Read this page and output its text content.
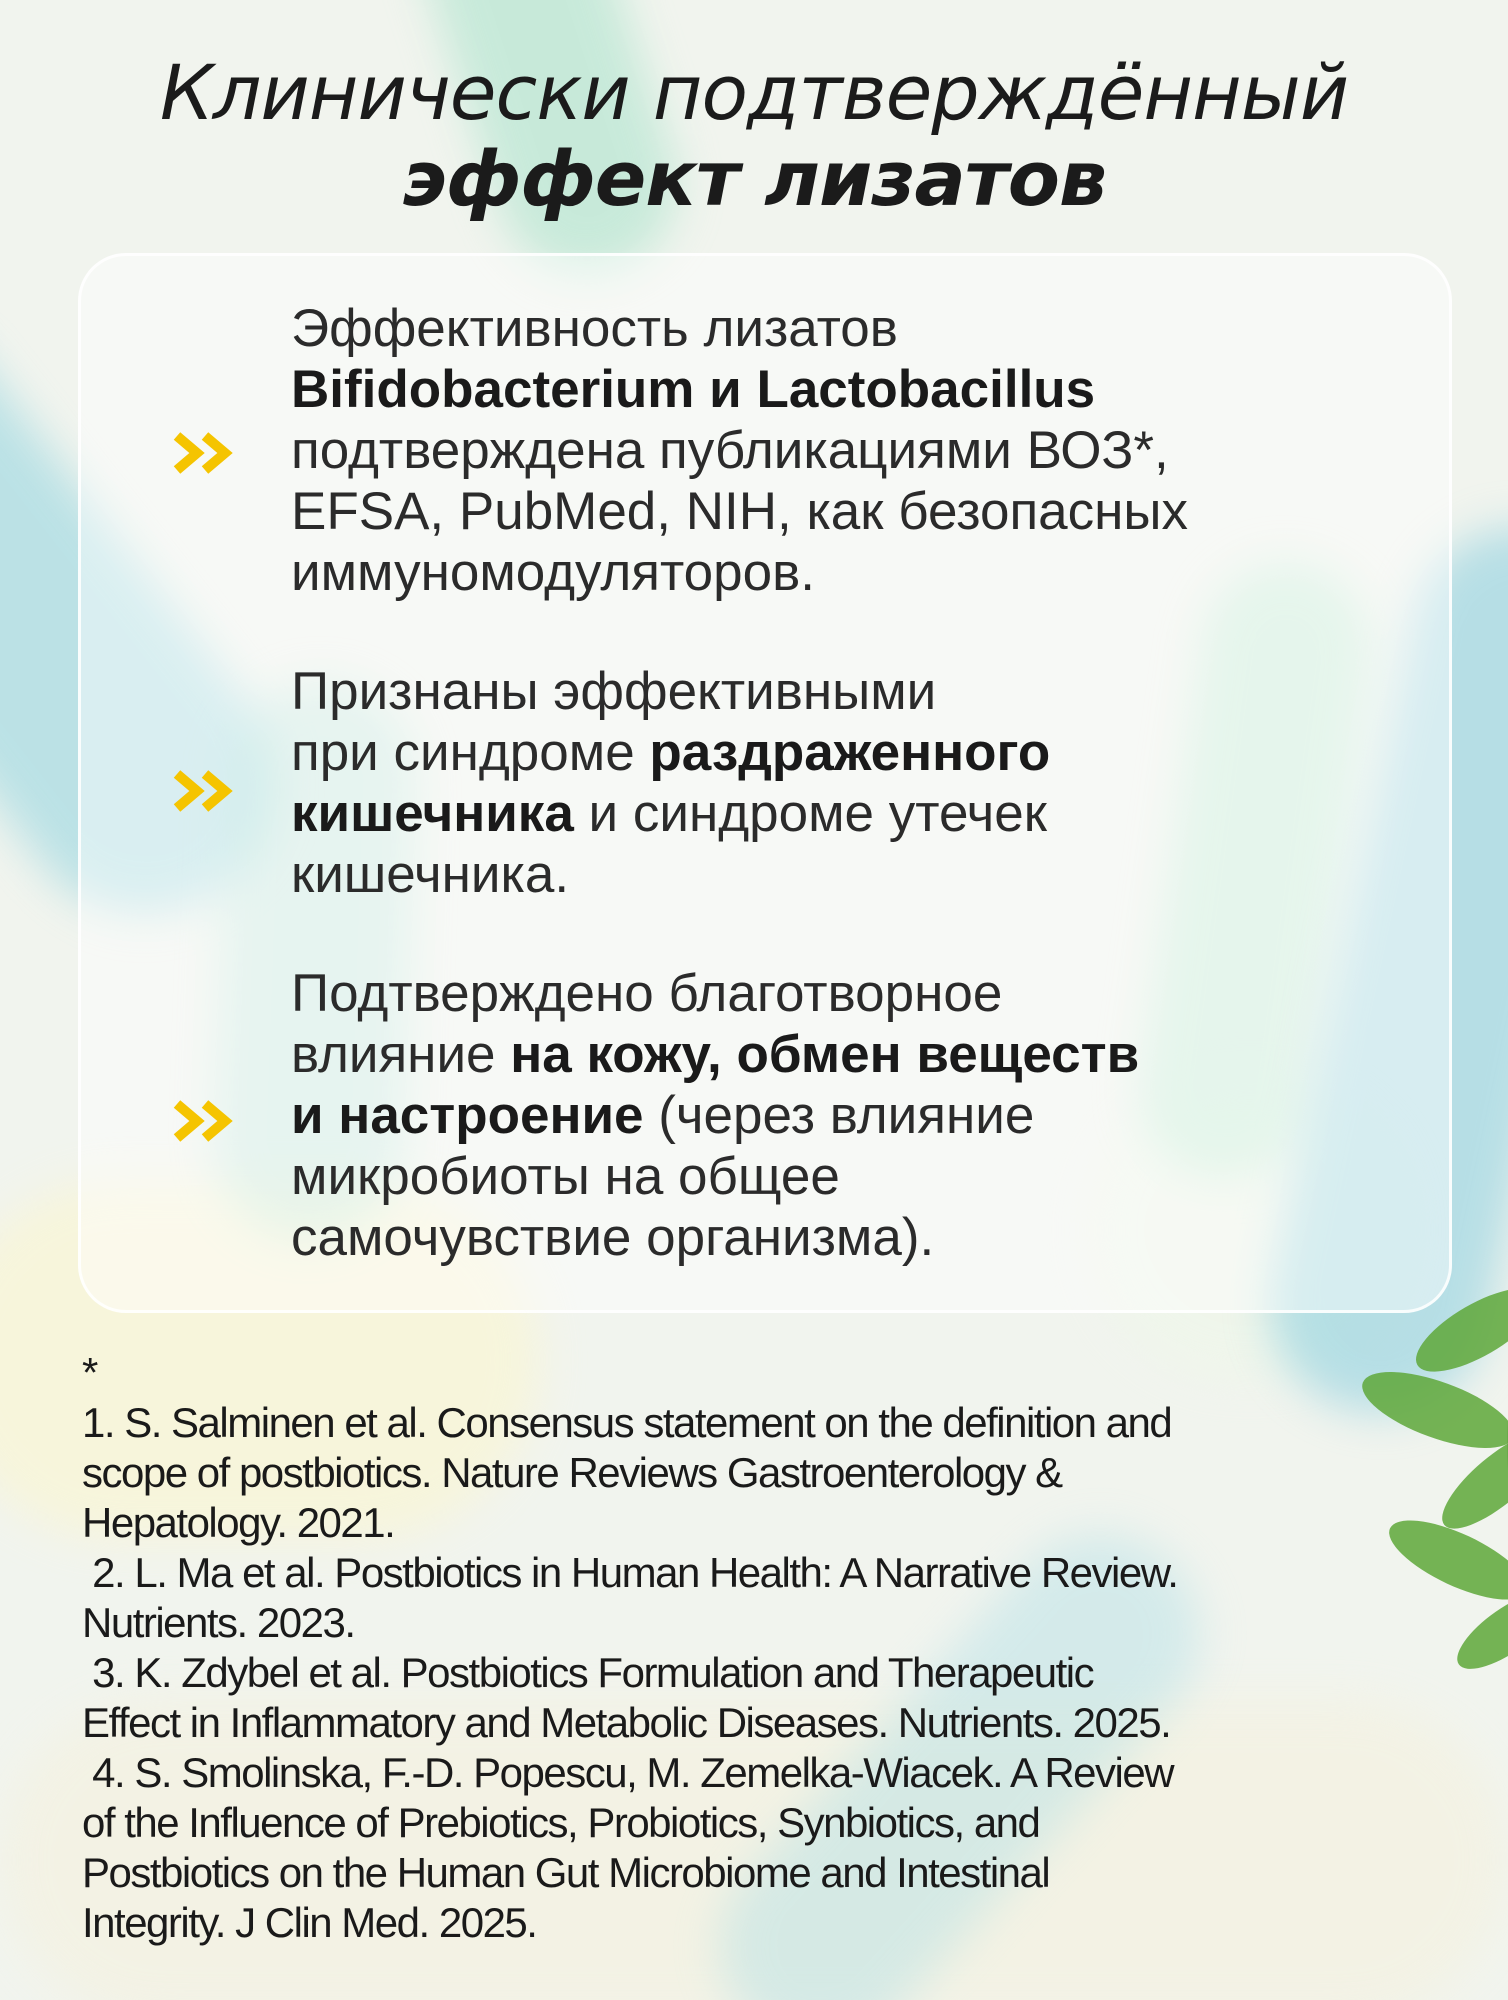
Клинически подтверждённый
эффект лизатов
Эффективность лизатов
Bifidobacterium и Lactobacillus
подтверждена публикациями ВОЗ*,
EFSA, PubMed, NIH, как безопасных
иммуномодуляторов.
Признаны эффективными
при синдроме раздраженного
кишечника и синдроме утечек
кишечника.
Подтверждено благотворное
влияние на кожу, обмен веществ
и настроение (через влияние
микробиоты на общее
самочувствие организма).
*
1. S. Salminen et al. Consensus statement on the definition and
scope of postbiotics. Nature Reviews Gastroenterology &
Hepatology. 2021.
2. L. Ma et al. Postbiotics in Human Health: A Narrative Review.
Nutrients. 2023.
3. K. Zdybel et al. Postbiotics Formulation and Therapeutic
Effect in Inflammatory and Metabolic Diseases. Nutrients. 2025.
4. S. Smolinska, F.-D. Popescu, M. Zemelka-Wiacek. A Review
of the Influence of Prebiotics, Probiotics, Synbiotics, and
Postbiotics on the Human Gut Microbiome and Intestinal
Integrity. J Clin Med. 2025.
